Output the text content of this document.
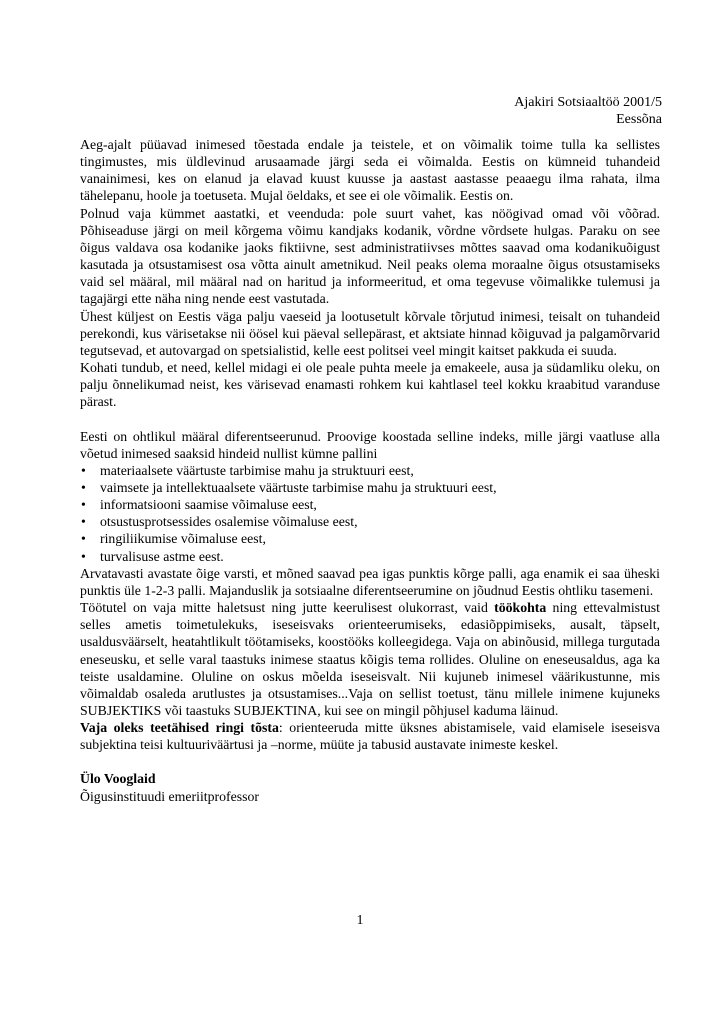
Ajakiri Sotsiaaltöö 2001/5
Eessõna

Aeg-ajalt püüavad inimesed tõestada endale ja teistele, et on võimalik toime tulla ka sellistes tingimustes, mis üldlevinud arusaamade järgi seda ei võimalda. Eestis on kümneid tuhandeid vanainimesi, kes on elanud ja elavad kuust kuusse ja aastast aastasse peaaegu ilma rahata, ilma tähelepanu, hoole ja toetuseta. Mujal öeldaks, et see ei ole võimalik. Eestis on.

Polnud vaja kümmet aastatki, et veenduda: pole suurt vahet, kas nöögivad omad või võõrad. Põhiseaduse järgi on meil kõrgema võimu kandjaks kodanik, võrdne võrdsete hulgas. Paraku on see õigus valdava osa kodanike jaoks fiktiivne, sest administratiivses mõttes saavad oma kodanikuõigust kasutada ja otsustamisest osa võtta ainult ametnikud. Neil peaks olema moraalne õigus otsustamiseks vaid sel määral, mil määral nad on haritud ja informeeritud, et oma tegevuse võimalikke tulemusi ja tagajärgi ette näha ning nende eest vastutada.

Ühest küljest on Eestis väga palju vaeseid ja lootusetult kõrvale tõrjutud inimesi, teisalt on tuhandeid perekondi, kus värisetakse nii öösel kui päeval sellepärast, et aktsiate hinnad kõiguvad ja palgamõrvarid tegutsevad, et autovargad on spetsialistid, kelle eest politsei veel mingit kaitset pakkuda ei suuda.

Kohati tundub, et need, kellel midagi ei ole peale puhta meele ja emakeele, ausa ja südamliku oleku, on palju õnnelikumad neist, kes värisevad enamasti rohkem kui kahtlasel teel kokku kraabitud varanduse pärast.

Eesti on ohtlikul määral diferentseerunud. Proovige koostada selline indeks, mille järgi vaatluse alla võetud inimesed saaksid hindeid nullist kümne pallini

• materiaalsete väärtuste tarbimise mahu ja struktuuri eest,
• vaimsete ja intellektuaalsete väärtuste tarbimise mahu ja struktuuri eest,
• informatsiooni saamise võimaluse eest,
• otsustusprotsessides osalemise võimaluse eest,
• ringiliikumise võimaluse eest,
• turvalisuse astme eest.

Arvatavasti avastate õige varsti, et mõned saavad pea igas punktis kõrge palli, aga enamik ei saa üheski punktis üle 1-2-3 palli. Majanduslik ja sotsiaalne diferentseerumine on jõudnud Eestis ohtliku tasemeni.

Töötutel on vaja mitte haletsust ning jutte keerulisest olukorrast, vaid töökohta ning ettevalmistust selles ametis toimetulekuks, iseseisvaks orienteerumiseks, edasiõppimiseks, ausalt, täpselt, usaldusväärselt, heatahtlikult töötamiseks, koostööks kolleegidega. Vaja on abinõusid, millega turgutada eneseusku, et selle varal taastuks inimese staatus kõigis tema rollides. Oluline on eneseusaldus, aga ka teiste usaldamine. Oluline on oskus mõelda iseseisvalt. Nii kujuneb inimesel väärikustunne, mis võimaldab osaleda arutlustes ja otsustamises...Vaja on sellist toetust, tänu millele inimene kujuneks SUBJEKTIKS või taastuks SUBJEKTINA, kui see on mingil põhjusel kaduma läinud.

Vaja oleks teetähised ringi tõsta: orienteeruda mitte üksnes abistamisele, vaid elamisele iseseisva subjektina teisi kultuuriväärtusi ja –norme, müüte ja tabusid austavate inimeste keskel.

Ülo Vooglaid
Õigusinstituudi emeriitprofessor
1
